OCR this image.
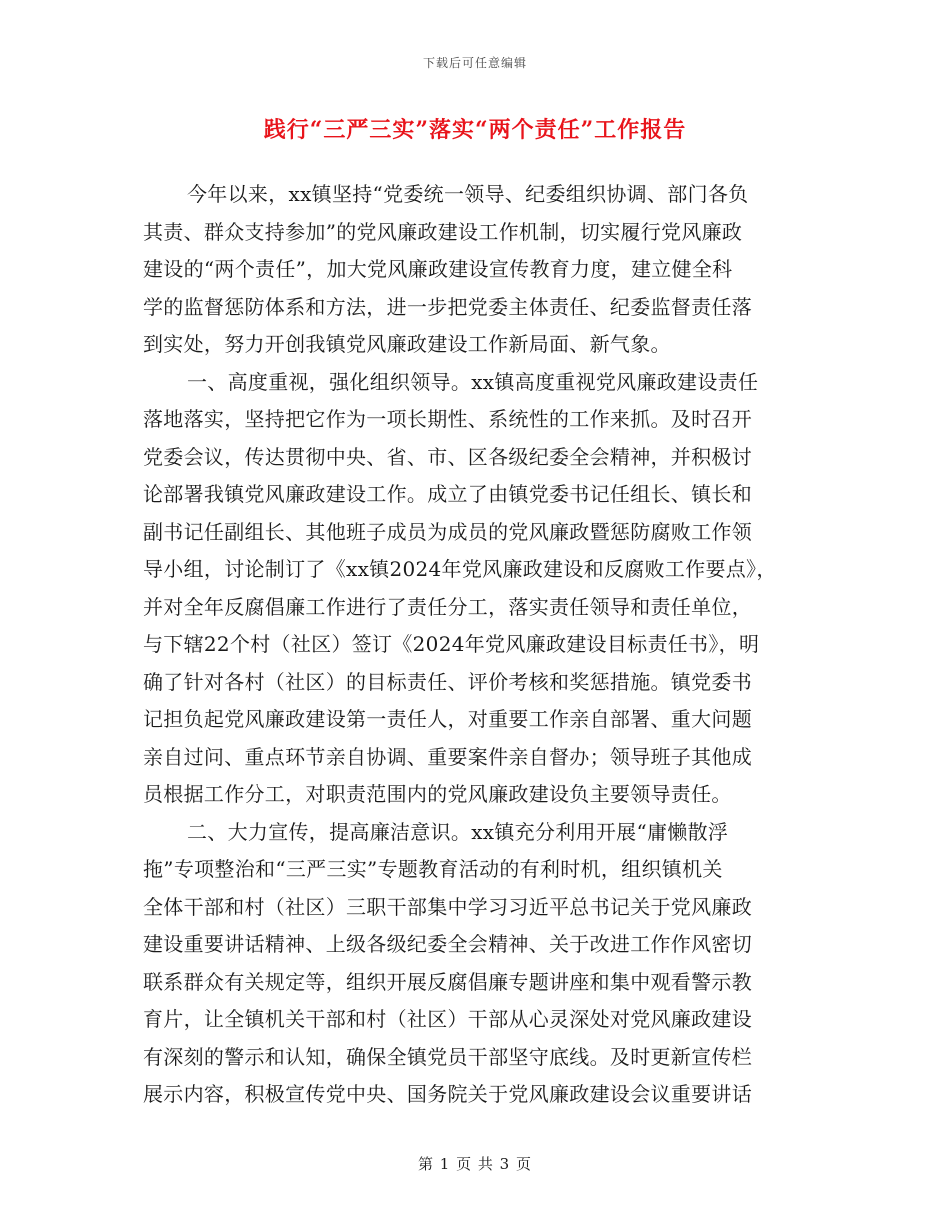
下载后可任意编辑
践行“三严三实”落实“两个责任”工作报告
今年以来，xx镇坚持“党委统一领导、纪委组织协调、部门各负
其责、群众支持参加”的党风廉政建设工作机制，切实履行党风廉政
建设的“两个责任”，加大党风廉政建设宣传教育力度，建立健全科
学的监督惩防体系和方法，进一步把党委主体责任、纪委监督责任落
到实处，努力开创我镇党风廉政建设工作新局面、新气象。
一、高度重视，强化组织领导。xx镇高度重视党风廉政建设责任
落地落实，坚持把它作为一项长期性、系统性的工作来抓。及时召开
党委会议，传达贯彻中央、省、市、区各级纪委全会精神，并积极讨
论部署我镇党风廉政建设工作。成立了由镇党委书记任组长、镇长和
副书记任副组长、其他班子成员为成员的党风廉政暨惩防腐败工作领
导小组，讨论制订了《xx镇2024年党风廉政建设和反腐败工作要点》，
并对全年反腐倡廉工作进行了责任分工，落实责任领导和责任单位，
与下辖22个村（社区）签订《2024年党风廉政建设目标责任书》，明
确了针对各村（社区）的目标责任、评价考核和奖惩措施。镇党委书
记担负起党风廉政建设第一责任人，对重要工作亲自部署、重大问题
亲自过问、重点环节亲自协调、重要案件亲自督办；领导班子其他成
员根据工作分工，对职责范围内的党风廉政建设负主要领导责任。
二、大力宣传，提高廉洁意识。xx镇充分利用开展“庸懒散浮
拖”专项整治和“三严三实”专题教育活动的有利时机，组织镇机关
全体干部和村（社区）三职干部集中学习习近平总书记关于党风廉政
建设重要讲话精神、上级各级纪委全会精神、关于改进工作作风密切
联系群众有关规定等，组织开展反腐倡廉专题讲座和集中观看警示教
育片，让全镇机关干部和村（社区）干部从心灵深处对党风廉政建设
有深刻的警示和认知，确保全镇党员干部坚守底线。及时更新宣传栏
展示内容，积极宣传党中央、国务院关于党风廉政建设会议重要讲话
第 1 页 共 3 页
